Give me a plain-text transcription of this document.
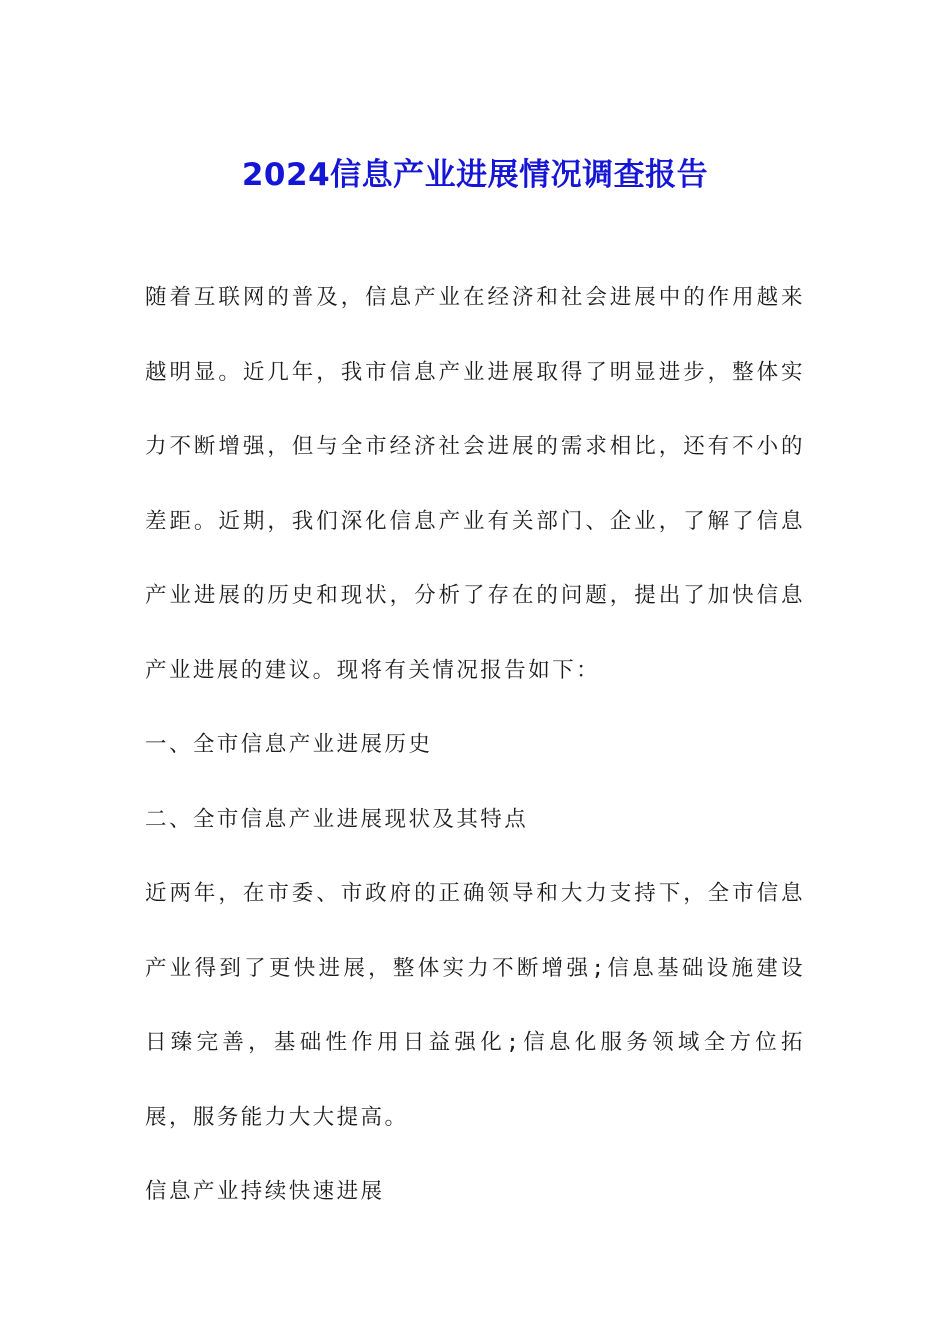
2024信息产业进展情况调查报告

随着互联网的普及，信息产业在经济和社会进展中的作用越来越明显。近几年，我市信息产业进展取得了明显进步，整体实力不断增强，但与全市经济社会进展的需求相比，还有不小的差距。近期，我们深化信息产业有关部门、企业，了解了信息产业进展的历史和现状，分析了存在的问题，提出了加快信息产业进展的建议。现将有关情况报告如下：

一、全市信息产业进展历史

二、全市信息产业进展现状及其特点

近两年，在市委、市政府的正确领导和大力支持下，全市信息产业得到了更快进展，整体实力不断增强;信息基础设施建设日臻完善，基础性作用日益强化;信息化服务领域全方位拓展，服务能力大大提高。

信息产业持续快速进展
